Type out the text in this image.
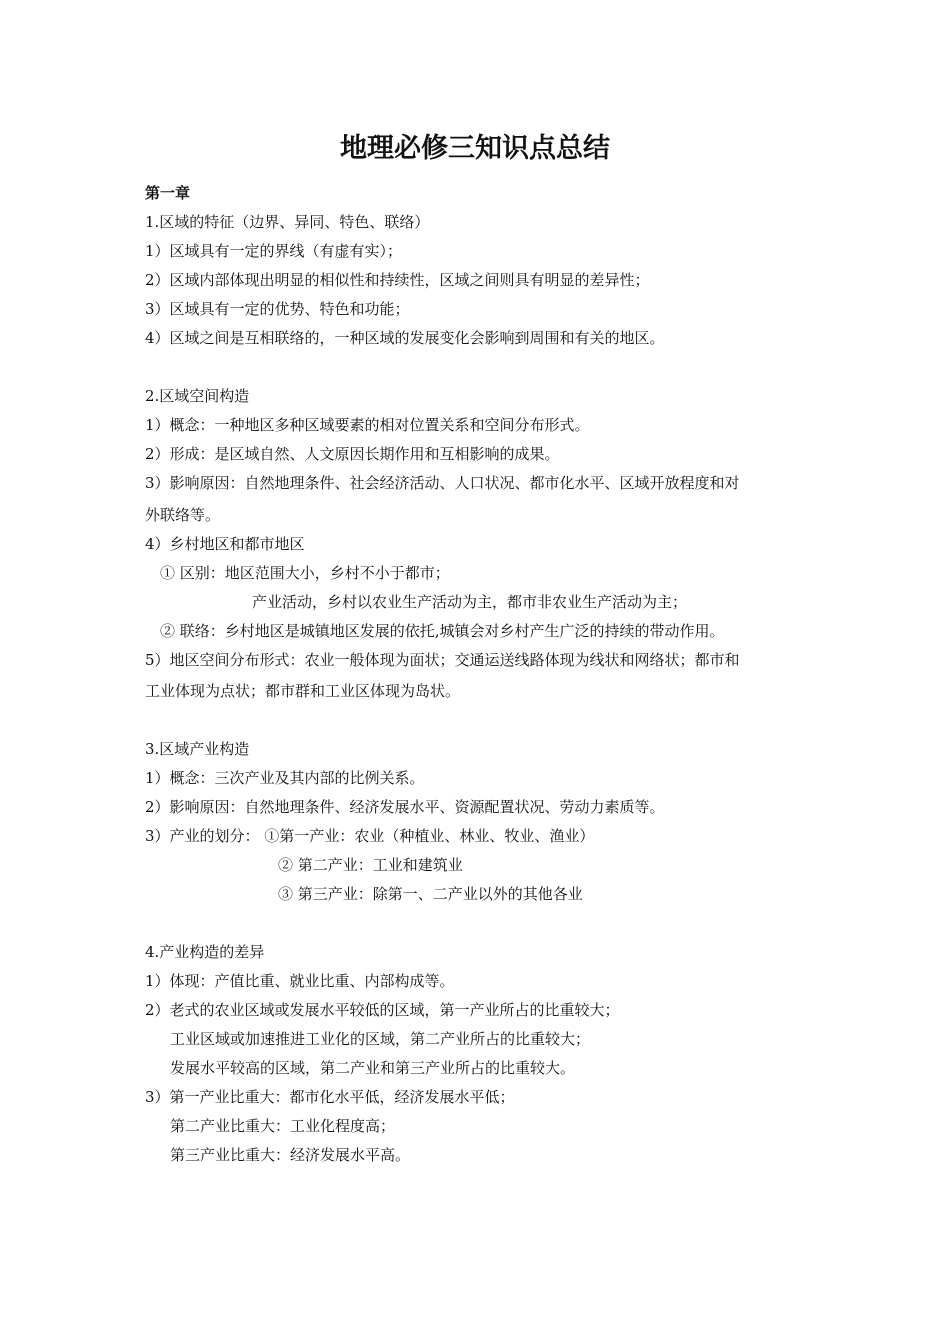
地理必修三知识点总结
第一章
1.区域的特征（边界、异同、特色、联络）
1）区域具有一定的界线（有虚有实）；
2）区域内部体现出明显的相似性和持续性，区域之间则具有明显的差异性；
3）区域具有一定的优势、特色和功能；
4）区域之间是互相联络的，一种区域的发展变化会影响到周围和有关的地区。
2.区域空间构造
1）概念：一种地区多种区域要素的相对位置关系和空间分布形式。
2）形成：是区域自然、人文原因长期作用和互相影响的成果。
3）影响原因：自然地理条件、社会经济活动、人口状况、都市化水平、区域开放程度和对
外联络等。
4）乡村地区和都市地区
① 区别：地区范围大小，乡村不小于都市；
产业活动，乡村以农业生产活动为主，都市非农业生产活动为主；
② 联络：乡村地区是城镇地区发展的依托,城镇会对乡村产生广泛的持续的带动作用。
5）地区空间分布形式：农业一般体现为面状；交通运送线路体现为线状和网络状；都市和
工业体现为点状；都市群和工业区体现为岛状。
3.区域产业构造
1）概念：三次产业及其内部的比例关系。
2）影响原因：自然地理条件、经济发展水平、资源配置状况、劳动力素质等。
3）产业的划分： ①第一产业：农业（种植业、林业、牧业、渔业）
② 第二产业：工业和建筑业
③ 第三产业：除第一、二产业以外的其他各业
4.产业构造的差异
1）体现：产值比重、就业比重、内部构成等。
2）老式的农业区域或发展水平较低的区域，第一产业所占的比重较大；
工业区域或加速推进工业化的区域，第二产业所占的比重较大；
发展水平较高的区域，第二产业和第三产业所占的比重较大。
3）第一产业比重大：都市化水平低，经济发展水平低；
第二产业比重大：工业化程度高；
第三产业比重大：经济发展水平高。
